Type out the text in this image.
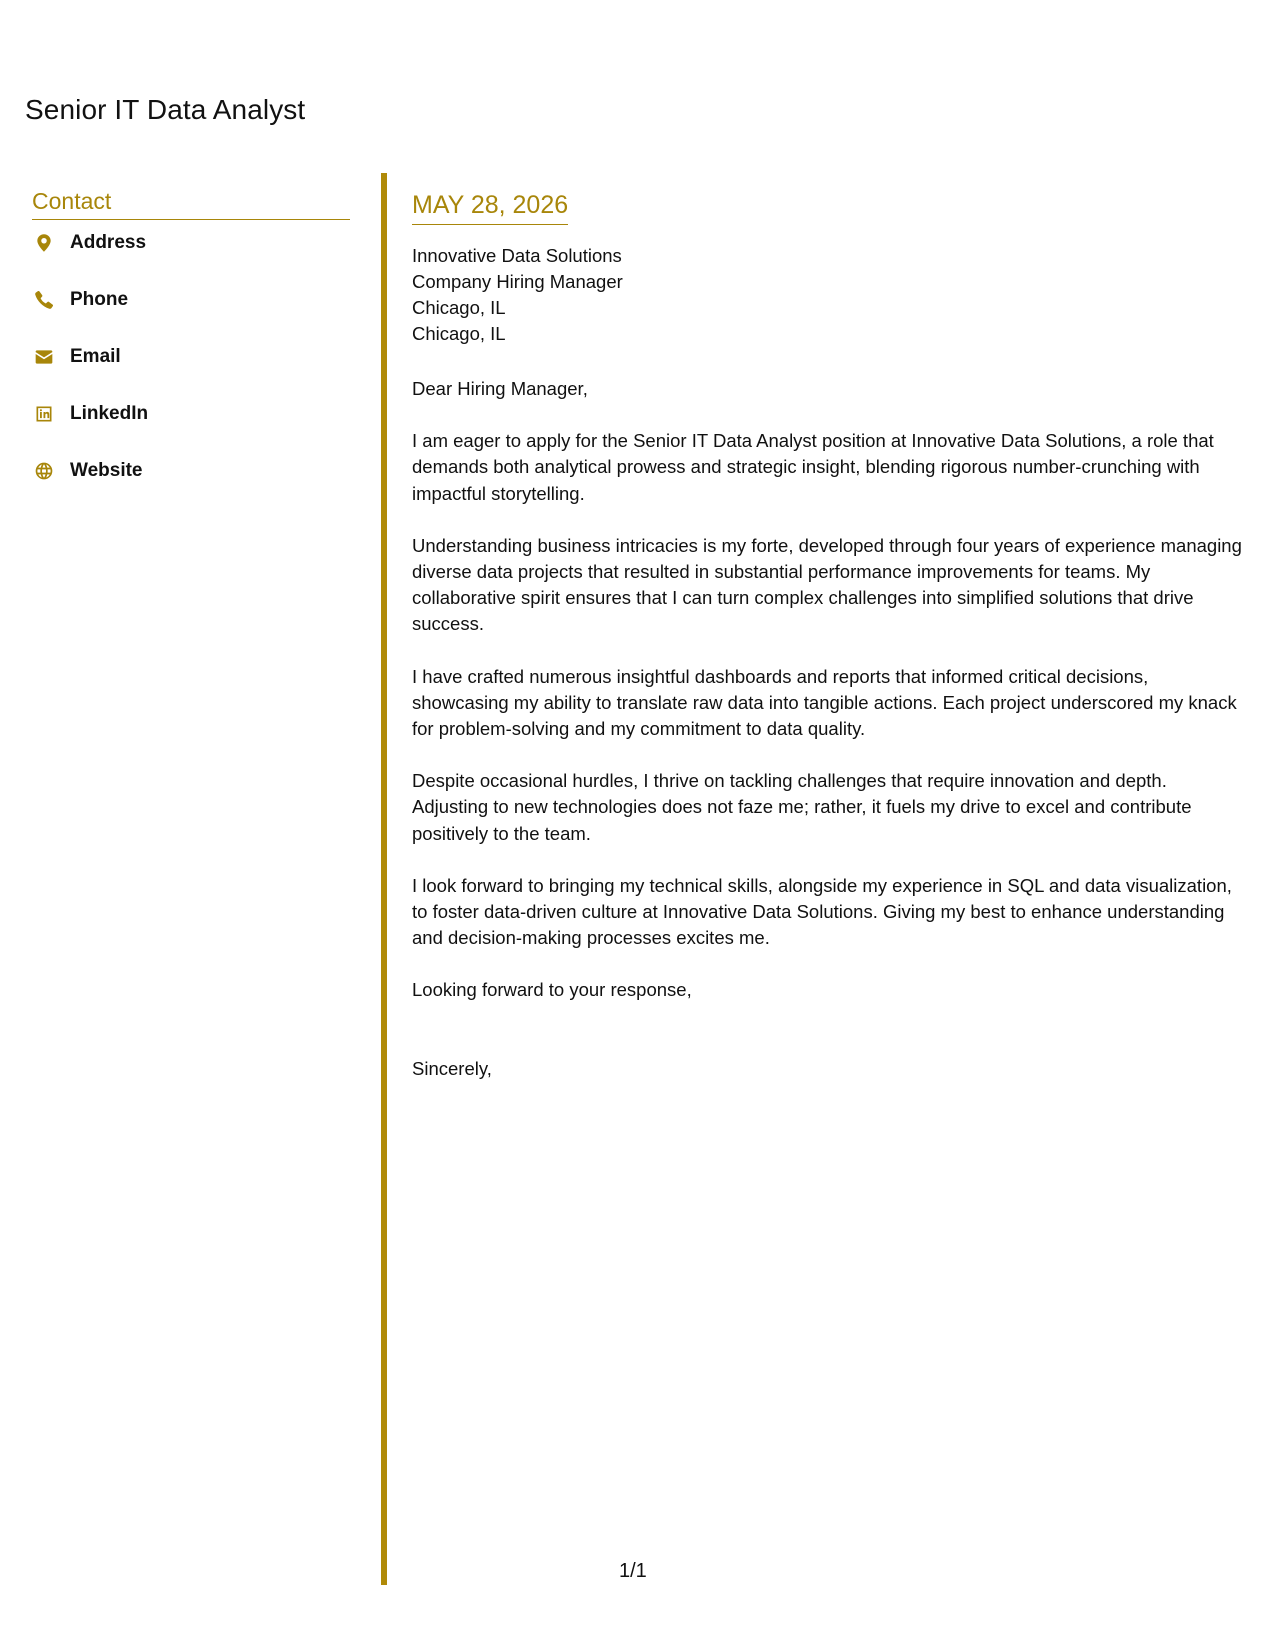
Senior IT Data Analyst
Contact
Address
Phone
Email
LinkedIn
Website
MAY 28, 2026
Innovative Data Solutions
Company Hiring Manager
Chicago, IL
Chicago, IL
Dear Hiring Manager,
I am eager to apply for the Senior IT Data Analyst position at Innovative Data Solutions, a role that demands both analytical prowess and strategic insight, blending rigorous number-crunching with impactful storytelling.
Understanding business intricacies is my forte, developed through four years of experience managing diverse data projects that resulted in substantial performance improvements for teams. My collaborative spirit ensures that I can turn complex challenges into simplified solutions that drive success.
I have crafted numerous insightful dashboards and reports that informed critical decisions, showcasing my ability to translate raw data into tangible actions. Each project underscored my knack for problem-solving and my commitment to data quality.
Despite occasional hurdles, I thrive on tackling challenges that require innovation and depth. Adjusting to new technologies does not faze me; rather, it fuels my drive to excel and contribute positively to the team.
I look forward to bringing my technical skills, alongside my experience in SQL and data visualization, to foster data-driven culture at Innovative Data Solutions. Giving my best to enhance understanding and decision-making processes excites me.
Looking forward to your response,
Sincerely,
1/1
